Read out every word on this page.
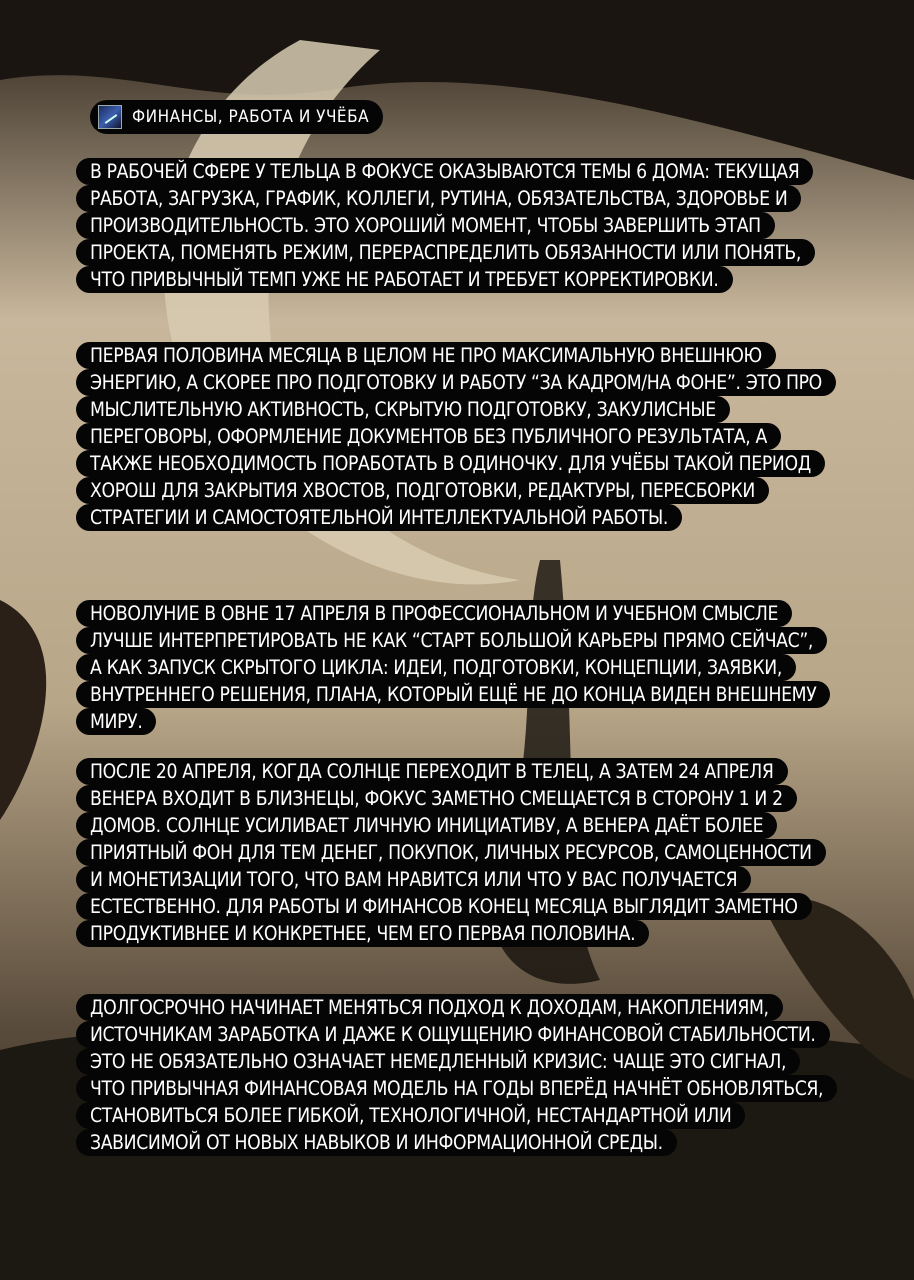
ФИНАНСЫ, РАБОТА И УЧЁБА

В РАБОЧЕЙ СФЕРЕ У ТЕЛЬЦА В ФОКУСЕ ОКАЗЫВАЮТСЯ ТЕМЫ 6 ДОМА: ТЕКУЩАЯ РАБОТА, ЗАГРУЗКА, ГРАФИК, КОЛЛЕГИ, РУТИНА, ОБЯЗАТЕЛЬСТВА, ЗДОРОВЬЕ И ПРОИЗВОДИТЕЛЬНОСТЬ. ЭТО ХОРОШИЙ МОМЕНТ, ЧТОБЫ ЗАВЕРШИТЬ ЭТАП ПРОЕКТА, ПОМЕНЯТЬ РЕЖИМ, ПЕРЕРАСПРЕДЕЛИТЬ ОБЯЗАННОСТИ ИЛИ ПОНЯТЬ, ЧТО ПРИВЫЧНЫЙ ТЕМП УЖЕ НЕ РАБОТАЕТ И ТРЕБУЕТ КОРРЕКТИРОВКИ.

ПЕРВАЯ ПОЛОВИНА МЕСЯЦА В ЦЕЛОМ НЕ ПРО МАКСИМАЛЬНУЮ ВНЕШНЮЮ ЭНЕРГИЮ, А СКОРЕЕ ПРО ПОДГОТОВКУ И РАБОТУ “ЗА КАДРОМ/НА ФОНЕ”. ЭТО ПРО МЫСЛИТЕЛЬНУЮ АКТИВНОСТЬ, СКРЫТУЮ ПОДГОТОВКУ, ЗАКУЛИСНЫЕ ПЕРЕГОВОРЫ, ОФОРМЛЕНИЕ ДОКУМЕНТОВ БЕЗ ПУБЛИЧНОГО РЕЗУЛЬТАТА, А ТАКЖЕ НЕОБХОДИМОСТЬ ПОРАБОТАТЬ В ОДИНОЧКУ. ДЛЯ УЧЁБЫ ТАКОЙ ПЕРИОД ХОРОШ ДЛЯ ЗАКРЫТИЯ ХВОСТОВ, ПОДГОТОВКИ, РЕДАКТУРЫ, ПЕРЕСБОРКИ СТРАТЕГИИ И САМОСТОЯТЕЛЬНОЙ ИНТЕЛЛЕКТУАЛЬНОЙ РАБОТЫ.

НОВОЛУНИЕ В ОВНЕ 17 АПРЕЛЯ В ПРОФЕССИОНАЛЬНОМ И УЧЕБНОМ СМЫСЛЕ ЛУЧШЕ ИНТЕРПРЕТИРОВАТЬ НЕ КАК “СТАРТ БОЛЬШОЙ КАРЬЕРЫ ПРЯМО СЕЙЧАС”, А КАК ЗАПУСК СКРЫТОГО ЦИКЛА: ИДЕИ, ПОДГОТОВКИ, КОНЦЕПЦИИ, ЗАЯВКИ, ВНУТРЕННЕГО РЕШЕНИЯ, ПЛАНА, КОТОРЫЙ ЕЩЁ НЕ ДО КОНЦА ВИДЕН ВНЕШНЕМУ МИРУ.

ПОСЛЕ 20 АПРЕЛЯ, КОГДА СОЛНЦЕ ПЕРЕХОДИТ В ТЕЛЕЦ, А ЗАТЕМ 24 АПРЕЛЯ ВЕНЕРА ВХОДИТ В БЛИЗНЕЦЫ, ФОКУС ЗАМЕТНО СМЕЩАЕТСЯ В СТОРОНУ 1 И 2 ДОМОВ. СОЛНЦЕ УСИЛИВАЕТ ЛИЧНУЮ ИНИЦИАТИВУ, А ВЕНЕРА ДАЁТ БОЛЕЕ ПРИЯТНЫЙ ФОН ДЛЯ ТЕМ ДЕНЕГ, ПОКУПОК, ЛИЧНЫХ РЕСУРСОВ, САМОЦЕННОСТИ И МОНЕТИЗАЦИИ ТОГО, ЧТО ВАМ НРАВИТСЯ ИЛИ ЧТО У ВАС ПОЛУЧАЕТСЯ ЕСТЕСТВЕННО. ДЛЯ РАБОТЫ И ФИНАНСОВ КОНЕЦ МЕСЯЦА ВЫГЛЯДИТ ЗАМЕТНО ПРОДУКТИВНЕЕ И КОНКРЕТНЕЕ, ЧЕМ ЕГО ПЕРВАЯ ПОЛОВИНА.

ДОЛГОСРОЧНО НАЧИНАЕТ МЕНЯТЬСЯ ПОДХОД К ДОХОДАМ, НАКОПЛЕНИЯМ, ИСТОЧНИКАМ ЗАРАБОТКА И ДАЖЕ К ОЩУЩЕНИЮ ФИНАНСОВОЙ СТАБИЛЬНОСТИ. ЭТО НЕ ОБЯЗАТЕЛЬНО ОЗНАЧАЕТ НЕМЕДЛЕННЫЙ КРИЗИС: ЧАЩЕ ЭТО СИГНАЛ, ЧТО ПРИВЫЧНАЯ ФИНАНСОВАЯ МОДЕЛЬ НА ГОДЫ ВПЕРЁД НАЧНЁТ ОБНОВЛЯТЬСЯ, СТАНОВИТЬСЯ БОЛЕЕ ГИБКОЙ, ТЕХНОЛОГИЧНОЙ, НЕСТАНДАРТНОЙ ИЛИ ЗАВИСИМОЙ ОТ НОВЫХ НАВЫКОВ И ИНФОРМАЦИОННОЙ СРЕДЫ.
